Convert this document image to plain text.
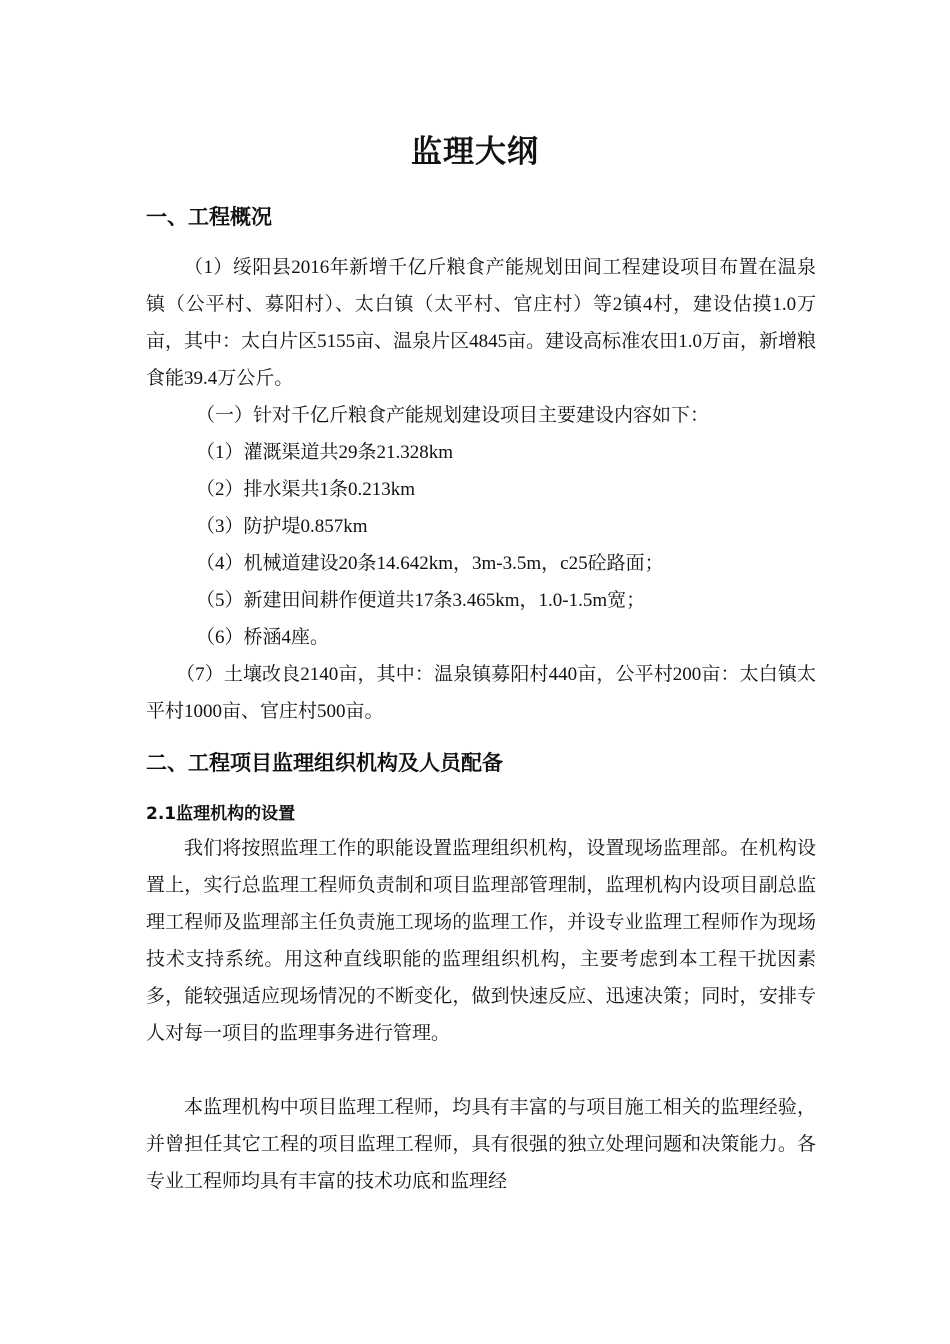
监理大纲
一、工程概况

（1）绥阳县2016年新增千亿斤粮食产能规划田间工程建设项目布置在温泉镇（公平村、募阳村）、太白镇（太平村、官庄村）等2镇4村，建设估摸1.0万亩，其中：太白片区5155亩、温泉片区4845亩。建设高标准农田1.0万亩，新增粮食能39.4万公斤。

（一）针对千亿斤粮食产能规划建设项目主要建设内容如下：
（1）灌溉渠道共29条21.328km
（2）排水渠共1条0.213km
（3）防护堤0.857km
（4）机械道建设20条14.642km，3m-3.5m，c25砼路面；
（5）新建田间耕作便道共17条3.465km，1.0-1.5m宽；
（6）桥涵4座。

（7）土壤改良2140亩，其中：温泉镇募阳村440亩，公平村200亩：太白镇太平村1000亩、官庄村500亩。

二、工程项目监理组织机构及人员配备
2.1监理机构的设置

我们将按照监理工作的职能设置监理组织机构，设置现场监理部。在机构设置上，实行总监理工程师负责制和项目监理部管理制，监理机构内设项目副总监理工程师及监理部主任负责施工现场的监理工作，并设专业监理工程师作为现场技术支持系统。用这种直线职能的监理组织机构，主要考虑到本工程干扰因素多，能较强适应现场情况的不断变化，做到快速反应、迅速决策；同时，安排专人对每一项目的监理事务进行管理。

本监理机构中项目监理工程师，均具有丰富的与项目施工相关的监理经验，并曾担任其它工程的项目监理工程师，具有很强的独立处理问题和决策能力。各专业工程师均具有丰富的技术功底和监理经
